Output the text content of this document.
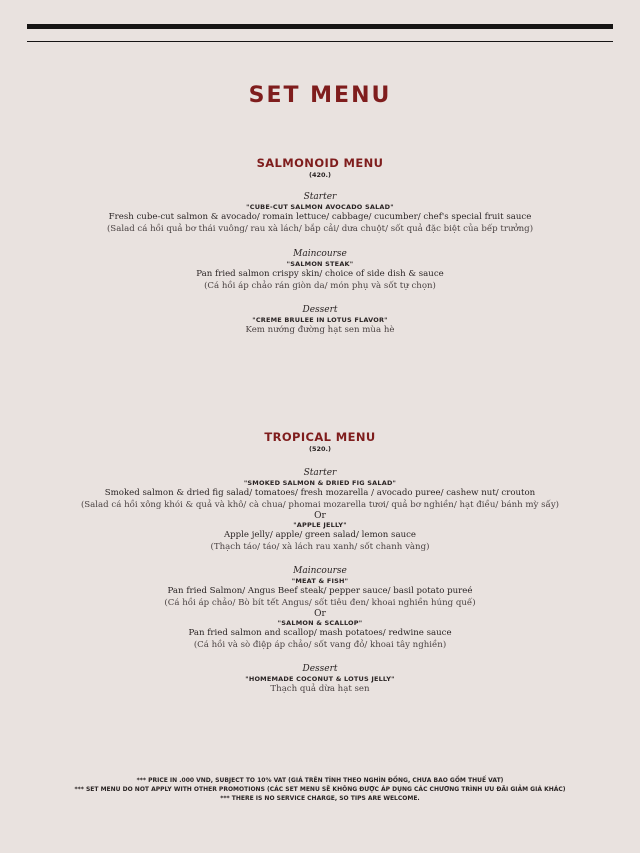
SET MENU
SALMONOID MENU
(420.)
Starter
"CUBE-CUT SALMON AVOCADO SALAD"
Fresh cube-cut salmon & avocado/ romain lettuce/ cabbage/ cucumber/ chef's special fruit sauce
(Salad cá hồi quả bơ thái vuông/ rau xà lách/ bắp cải/ dưa chuột/ sốt quả đặc biệt của bếp trưởng)
Maincourse
"SALMON STEAK"
Pan fried salmon crispy skin/ choice of side dish & sauce
(Cá hồi áp chảo rán giòn da/ món phụ và sốt tự chọn)
Dessert
"CREME BRULEE IN LOTUS FLAVOR"
Kem nướng đường hạt sen mùa hè
TROPICAL MENU
(520.)
Starter
"SMOKED SALMON & DRIED FIG SALAD"
Smoked salmon & dried fig salad/ tomatoes/ fresh mozarella / avocado puree/ cashew nut/ crouton
(Salad cá hồi xông khói & quả và khô/ cà chua/ phomai mozarella tươi/ quả bơ nghiền/ hạt điều/ bánh mỳ sấy)
Or
"APPLE JELLY"
Apple jelly/ apple/ green salad/ lemon sauce
(Thạch táo/ táo/ xà lách rau xanh/ sốt chanh vàng)
Maincourse
"MEAT & FISH"
Pan fried Salmon/ Angus Beef steak/ pepper sauce/ basil potato pureé
(Cá hồi áp chảo/ Bò bít tết Angus/ sốt tiêu đen/ khoai nghiền húng quế)
Or
"SALMON & SCALLOP"
Pan fried salmon and scallop/ mash potatoes/ redwine sauce
(Cá hồi và sò điệp áp chảo/ sốt vang đỏ/ khoai tây nghiền)
Dessert
"HOMEMADE COCONUT & LOTUS JELLY"
Thạch quả dừa hạt sen
*** PRICE IN .000 VND, SUBJECT TO 10% VAT (GIÁ TRÊN TÍNH THEO NGHÌN ĐỒNG, CHƯA BAO GỒM THUẾ VAT)
*** SET MENU DO NOT APPLY WITH OTHER PROMOTIONS (CÁC SET MENU SẼ KHÔNG ĐƯỢC ÁP DỤNG CÁC CHƯƠNG TRÌNH ƯU ĐÃI GIẢM GIÁ KHÁC)
*** THERE IS NO SERVICE CHARGE, SO TIPS ARE WELCOME.
